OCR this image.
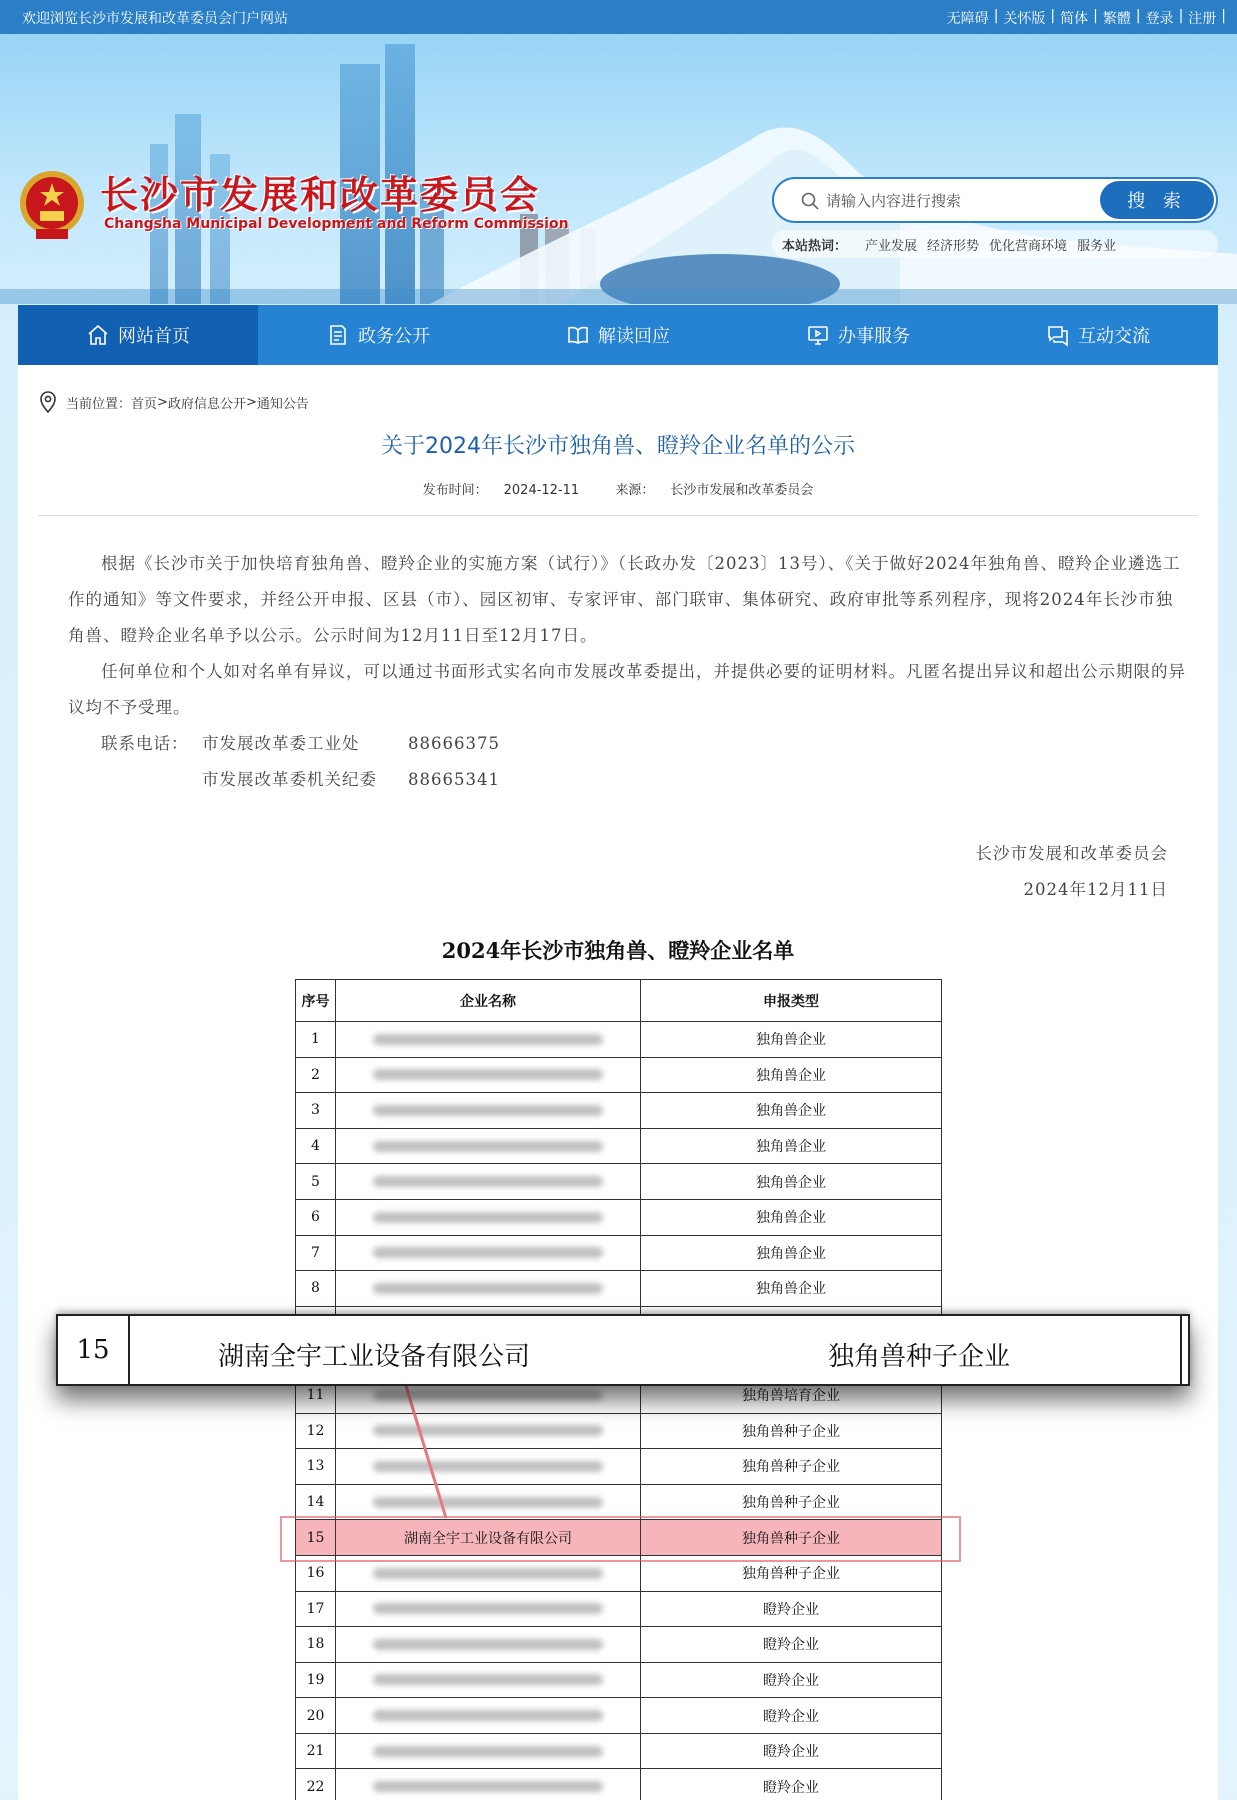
欢迎浏览长沙市发展和改革委员会门户网站	无障碍 | 关怀版 | 简体 | 繁體 | 登录 | 注册 |
长沙市发展和改革委员会
Changsha Municipal Development and Reform Commission
请输入内容进行搜索
搜 索
本站热词： 产业发展 经济形势 优化营商环境 服务业
网站首页	政务公开	解读回应	办事服务	互动交流
当前位置： 首页 > 政府信息公开 > 通知公告
关于2024年长沙市独角兽、瞪羚企业名单的公示
发布时间： 2024-12-11	来源： 长沙市发展和改革委员会

根据《长沙市关于加快培育独角兽、瞪羚企业的实施方案（试行）》（长政办发〔2023〕13号）、《关于做好2024年独角兽、瞪羚企业遴选工作的通知》等文件要求，并经公开申报、区县（市）、园区初审、专家评审、部门联审、集体研究、政府审批等系列程序，现将2024年长沙市独角兽、瞪羚企业名单予以公示。公示时间为12月11日至12月17日。

任何单位和个人如对名单有异议，可以通过书面形式实名向市发展改革委提出，并提供必要的证明材料。凡匿名提出异议和超出公示期限的异议均不予受理。

联系电话： 市发展改革委工业处	88666375
市发展改革委机关纪委	88665341
长沙市发展和改革委员会
2024年12月11日
2024年长沙市独角兽、瞪羚企业名单
序号	企业名称	申报类型
1		独角兽企业
2		独角兽企业
3		独角兽企业
4		独角兽企业
5		独角兽企业
6		独角兽企业
7		独角兽企业
8		独角兽企业

11		独角兽培育企业
12		独角兽种子企业
13		独角兽种子企业
14		独角兽种子企业
15	湖南全宇工业设备有限公司	独角兽种子企业
16		独角兽种子企业
17		瞪羚企业
18		瞪羚企业
19		瞪羚企业
20		瞪羚企业
21		瞪羚企业
22		瞪羚企业
15	湖南全宇工业设备有限公司	独角兽种子企业
